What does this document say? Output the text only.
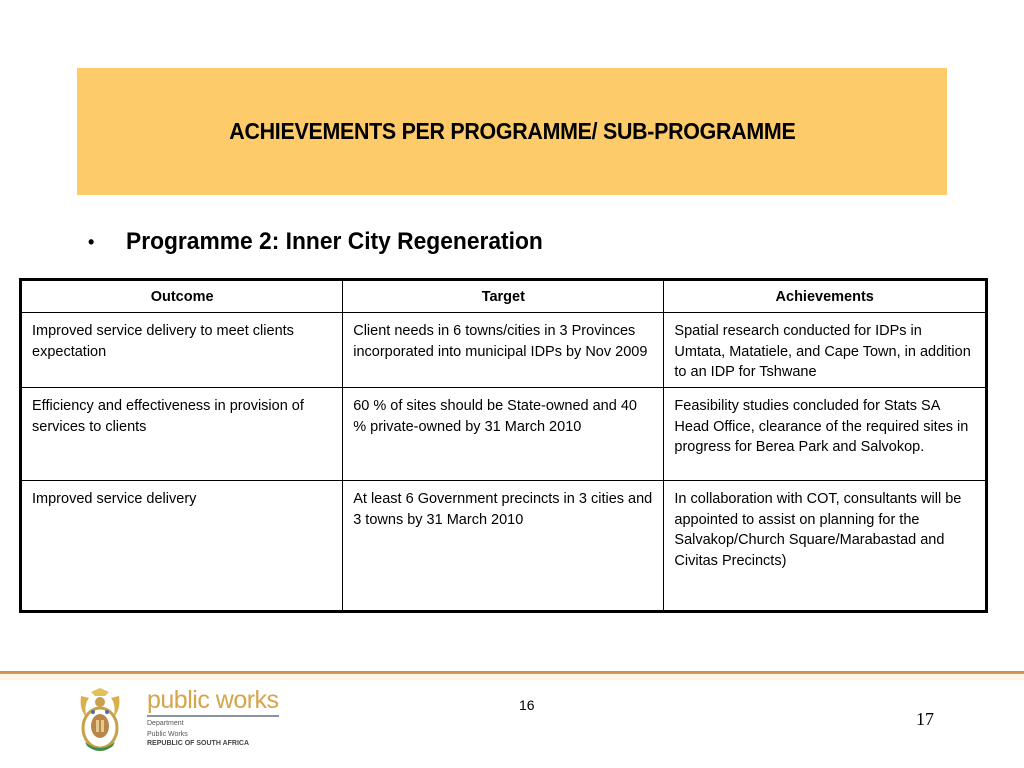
ACHIEVEMENTS PER PROGRAMME/ SUB-PROGRAMME
•	Programme 2: Inner City Regeneration
Outcome	Target	Achievements
Improved service delivery to meet clients expectation	Client needs in 6 towns/cities in 3 Provinces incorporated into municipal IDPs by Nov 2009	Spatial research conducted for IDPs in Umtata, Matatiele, and Cape Town, in addition to an IDP for Tshwane
Efficiency and effectiveness in provision of services to clients	60 % of sites should be State-owned and 40 % private-owned by 31 March 2010	Feasibility studies concluded for Stats SA Head Office, clearance of the required sites in progress for Berea Park and Salvokop.
Improved service delivery	At least 6 Government precincts in 3 cities and 3 towns by 31 March 2010	In collaboration with COT, consultants will be appointed to assist on planning for the Salvakop/Church Square/Marabastad and Civitas Precincts)
public works
Department
Public Works
REPUBLIC OF SOUTH AFRICA
16
17
